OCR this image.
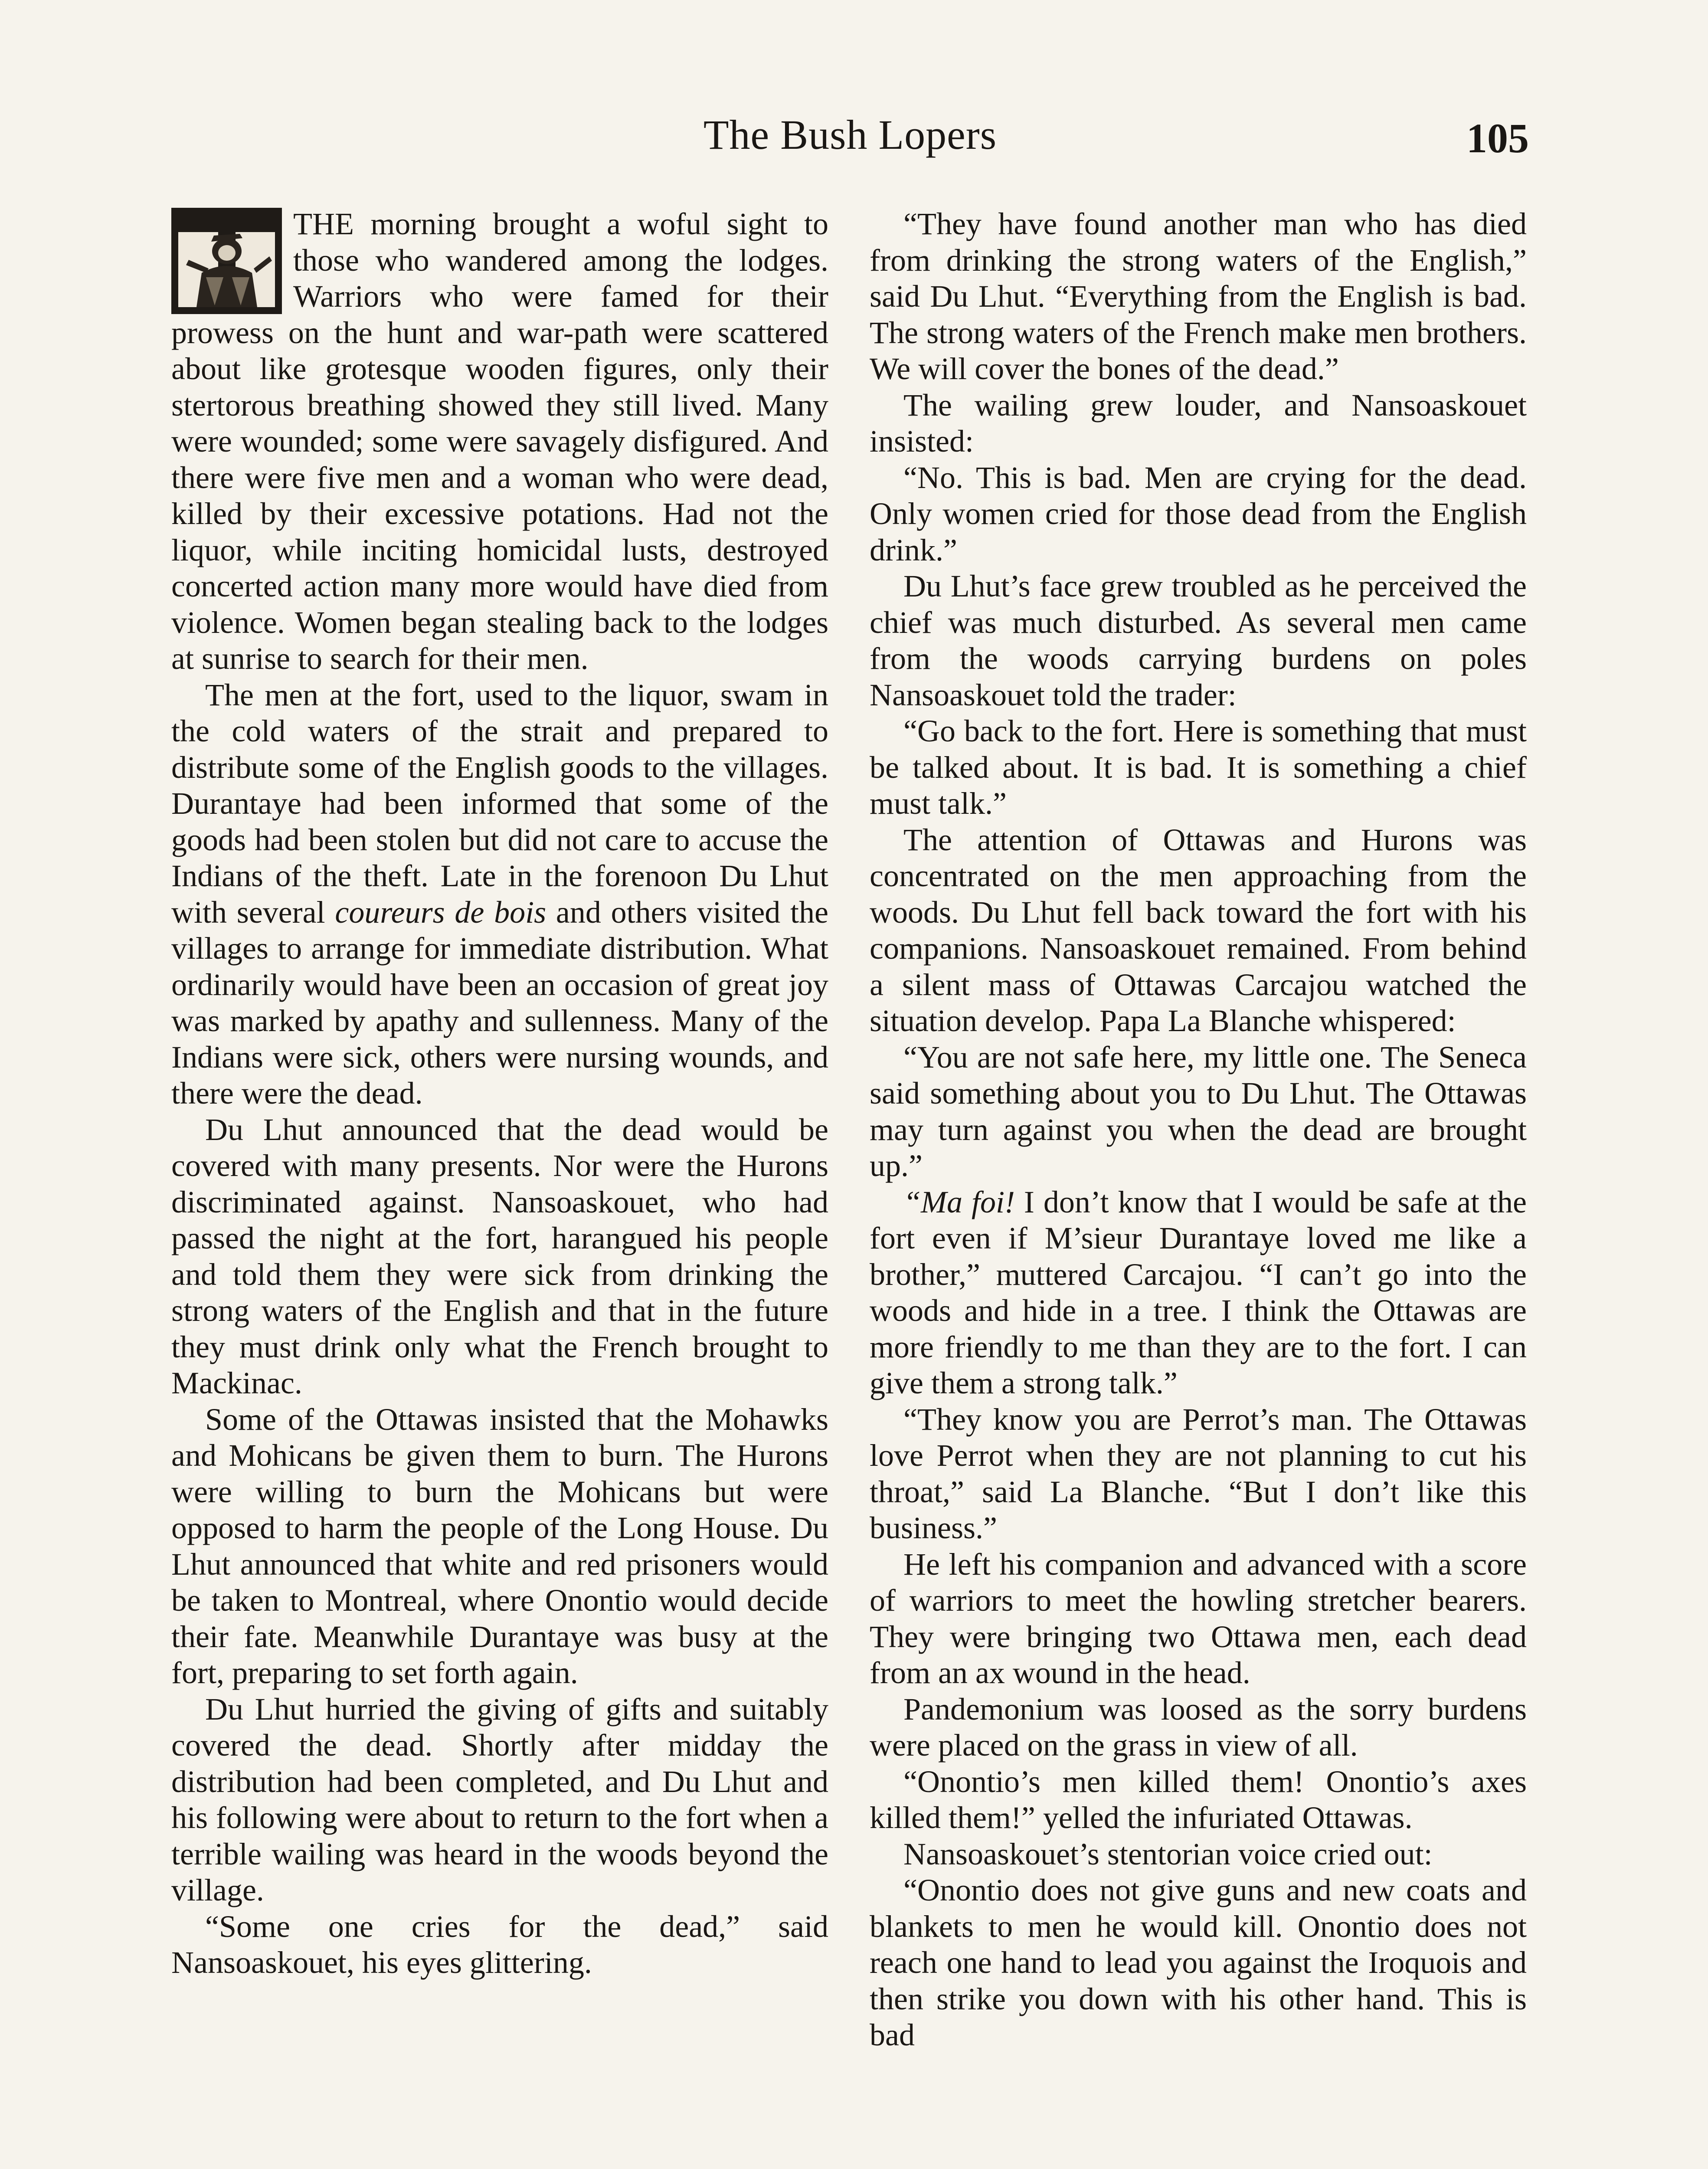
The Bush Lopers	105

THE morning brought a woful sight to those who wandered among the lodges. Warriors who were famed for their prowess on the hunt and war-path were scattered about like grotesque wooden figures, only their stertorous breathing showed they still lived. Many were wounded; some were savagely disfigured. And there were five men and a woman who were dead, killed by their excessive potations. Had not the liquor, while inciting homicidal lusts, destroyed concerted action many more would have died from violence. Women began stealing back to the lodges at sunrise to search for their men.

The men at the fort, used to the liquor, swam in the cold waters of the strait and prepared to distribute some of the English goods to the villages. Durantaye had been informed that some of the goods had been stolen but did not care to accuse the Indians of the theft. Late in the forenoon Du Lhut with several coureurs de bois and others visited the villages to arrange for immediate distribution. What ordinarily would have been an occasion of great joy was marked by apathy and sullenness. Many of the Indians were sick, others were nursing wounds, and there were the dead.

Du Lhut announced that the dead would be covered with many presents. Nor were the Hurons discriminated against. Nansoaskouet, who had passed the night at the fort, harangued his people and told them they were sick from drinking the strong waters of the English and that in the future they must drink only what the French brought to Mackinac.

Some of the Ottawas insisted that the Mohawks and Mohicans be given them to burn. The Hurons were willing to burn the Mohicans but were opposed to harm the people of the Long House. Du Lhut announced that white and red prisoners would be taken to Montreal, where Onontio would decide their fate. Meanwhile Durantaye was busy at the fort, preparing to set forth again.

Du Lhut hurried the giving of gifts and suitably covered the dead. Shortly after midday the distribution had been completed, and Du Lhut and his following were about to return to the fort when a terrible wailing was heard in the woods beyond the village.

“Some one cries for the dead,” said Nansoaskouet, his eyes glittering.

“They have found another man who has died from drinking the strong waters of the English,” said Du Lhut. “Everything from the English is bad. The strong waters of the French make men brothers. We will cover the bones of the dead.”

The wailing grew louder, and Nansoaskouet insisted:

“No. This is bad. Men are crying for the dead. Only women cried for those dead from the English drink.”

Du Lhut’s face grew troubled as he perceived the chief was much disturbed. As several men came from the woods carrying burdens on poles Nansoaskouet told the trader:

“Go back to the fort. Here is something that must be talked about. It is bad. It is something a chief must talk.”

The attention of Ottawas and Hurons was concentrated on the men approaching from the woods. Du Lhut fell back toward the fort with his companions. Nansoaskouet remained. From behind a silent mass of Ottawas Carcajou watched the situation develop. Papa La Blanche whispered:

“You are not safe here, my little one. The Seneca said something about you to Du Lhut. The Ottawas may turn against you when the dead are brought up.”

“Ma foi! I don’t know that I would be safe at the fort even if M’sieur Durantaye loved me like a brother,” muttered Carcajou. “I can’t go into the woods and hide in a tree. I think the Ottawas are more friendly to me than they are to the fort. I can give them a strong talk.”

“They know you are Perrot’s man. The Ottawas love Perrot when they are not planning to cut his throat,” said La Blanche. “But I don’t like this business.”

He left his companion and advanced with a score of warriors to meet the howling stretcher bearers. They were bringing two Ottawa men, each dead from an ax wound in the head.

Pandemonium was loosed as the sorry burdens were placed on the grass in view of all.

“Onontio’s men killed them! Onontio’s axes killed them!” yelled the infuriated Ottawas.

Nansoaskouet’s stentorian voice cried out:

“Onontio does not give guns and new coats and blankets to men he would kill. Onontio does not reach one hand to lead you against the Iroquois and then strike you down with his other hand. This is bad
